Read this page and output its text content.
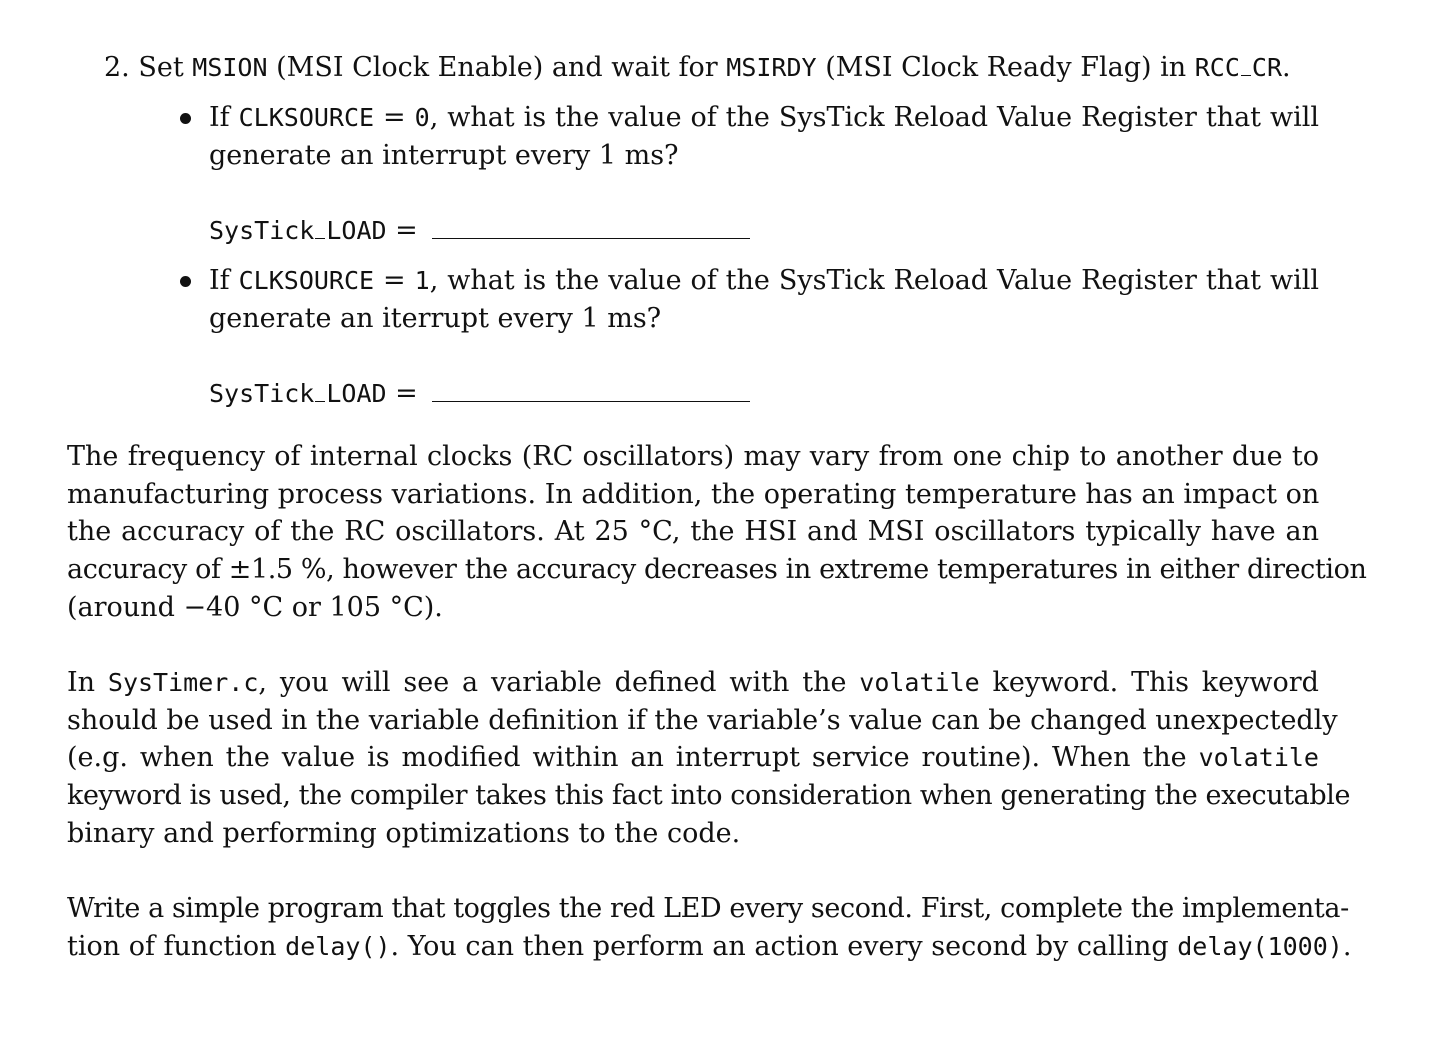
2. Set MSION (MSI Clock Enable) and wait for MSIRDY (MSI Clock Ready Flag) in RCC CR.
If CLKSOURCE = 0, what is the value of the SysTick Reload Value Register that will
generate an interrupt every 1 ms?
SysTick LOAD =
If CLKSOURCE = 1, what is the value of the SysTick Reload Value Register that will
generate an iterrupt every 1 ms?
SysTick LOAD =
The frequency of internal clocks (RC oscillators) may vary from one chip to another due to
manufacturing process variations. In addition, the operating temperature has an impact on
the accuracy of the RC oscillators. At 25 °C, the HSI and MSI oscillators typically have an
accuracy of ±1.5 %, however the accuracy decreases in extreme temperatures in either direction
(around −40 °C or 105 °C).
In SysTimer.c, you will see a variable defined with the volatile keyword. This keyword
should be used in the variable definition if the variable’s value can be changed unexpectedly
(e.g. when the value is modified within an interrupt service routine). When the volatile
keyword is used, the compiler takes this fact into consideration when generating the executable
binary and performing optimizations to the code.
Write a simple program that toggles the red LED every second. First, complete the implementa-
tion of function delay(). You can then perform an action every second by calling delay(1000).
